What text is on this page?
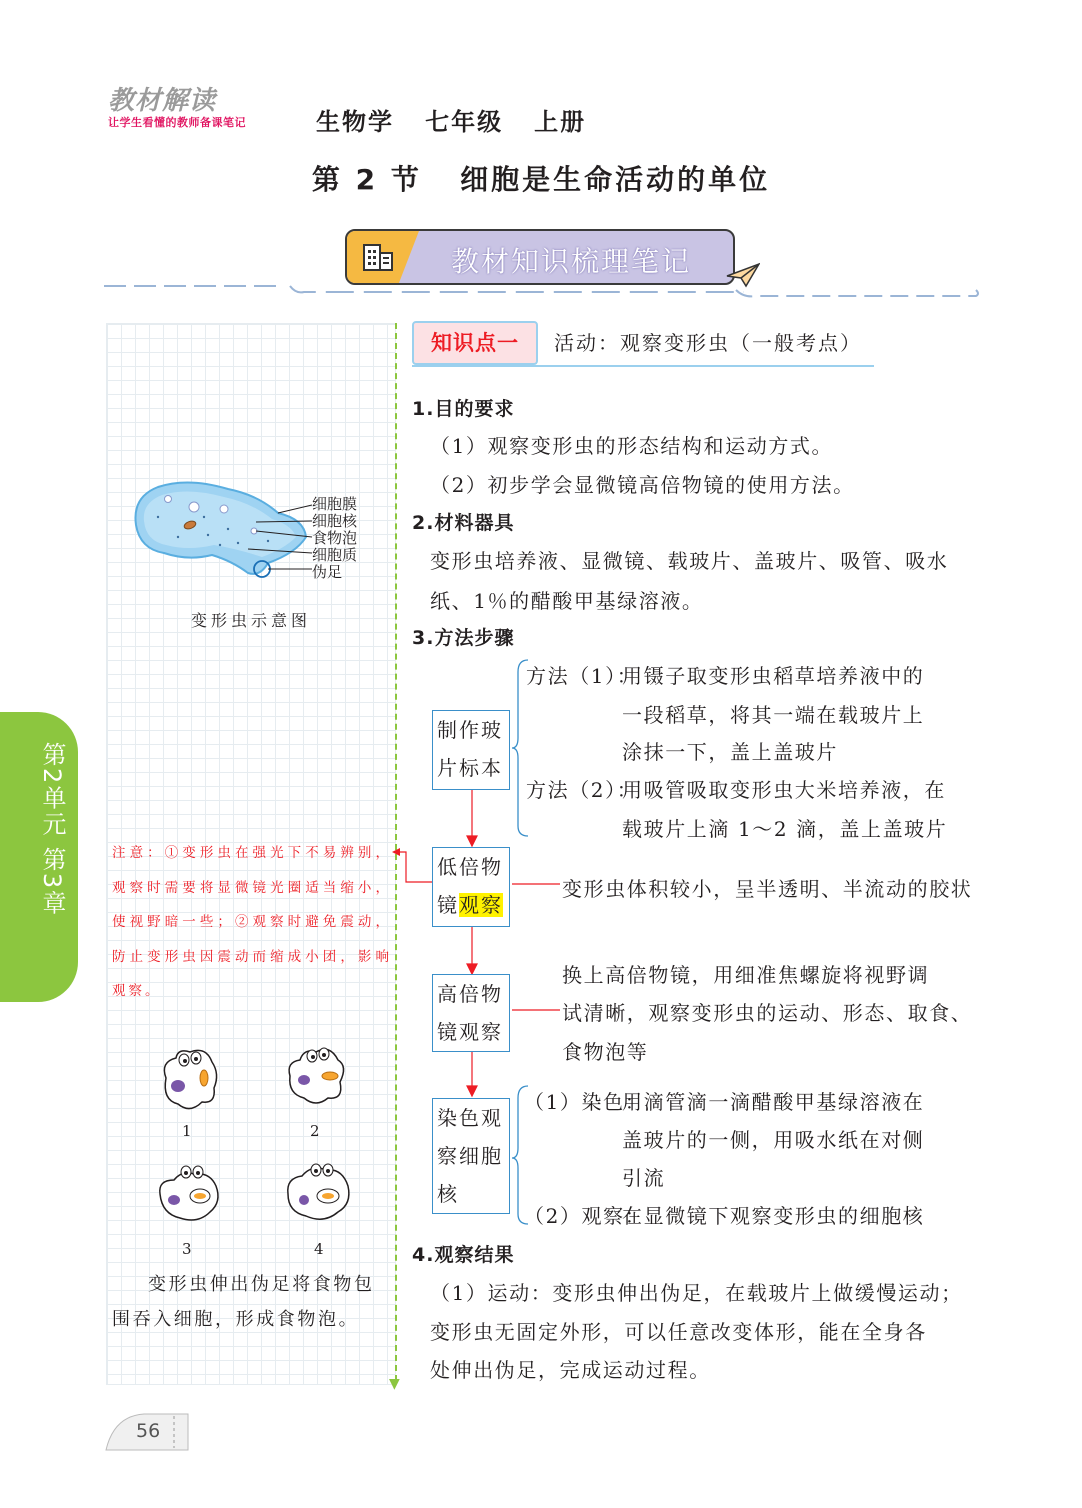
教材解读
让学生看懂的教师备课笔记	生物学   七年级   上册
第 2 节   细胞是生命活动的单位
教材知识梳理笔记
▼
第2单元 第3章
细胞膜
细胞核
食物泡
细胞质
伪足
变形虫示意图
注意：①变形虫在强光下不易辨别，观察时需要将显微镜光圈适当缩小，使视野暗一些；②观察时避免震动，防止变形虫因震动而缩成小团，影响观察。
1	2
3	4
变形虫伸出伪足将食物包围吞入细胞，形成食物泡。
知识点一	活动：观察变形虫（一般考点）
1.目的要求
（1）观察变形虫的形态结构和运动方式。
（2）初步学会显微镜高倍物镜的使用方法。
2.材料器具
变形虫培养液、显微镜、载玻片、盖玻片、吸管、吸水
纸、1％的醋酸甲基绿溶液。
3.方法步骤
制作玻
片标本
低倍物
镜观察
高倍物
镜观察
染色观
察细胞
核
方法（1）：
用镊子取变形虫稻草培养液中的
一段稻草，将其一端在载玻片上
涂抹一下，盖上盖玻片
方法（2）：
用吸管吸取变形虫大米培养液，在
载玻片上滴 1～2 滴，盖上盖玻片
变形虫体积较小，呈半透明、半流动的胶状
换上高倍物镜，用细准焦螺旋将视野调
试清晰，观察变形虫的运动、形态、取食、
食物泡等
（1）染色：
用滴管滴一滴醋酸甲基绿溶液在
盖玻片的一侧，用吸水纸在对侧
引流
（2）观察：
在显微镜下观察变形虫的细胞核
4.观察结果
（1）运动：变形虫伸出伪足，在载玻片上做缓慢运动；
变形虫无固定外形，可以任意改变体形，能在全身各
处伸出伪足，完成运动过程。
56
